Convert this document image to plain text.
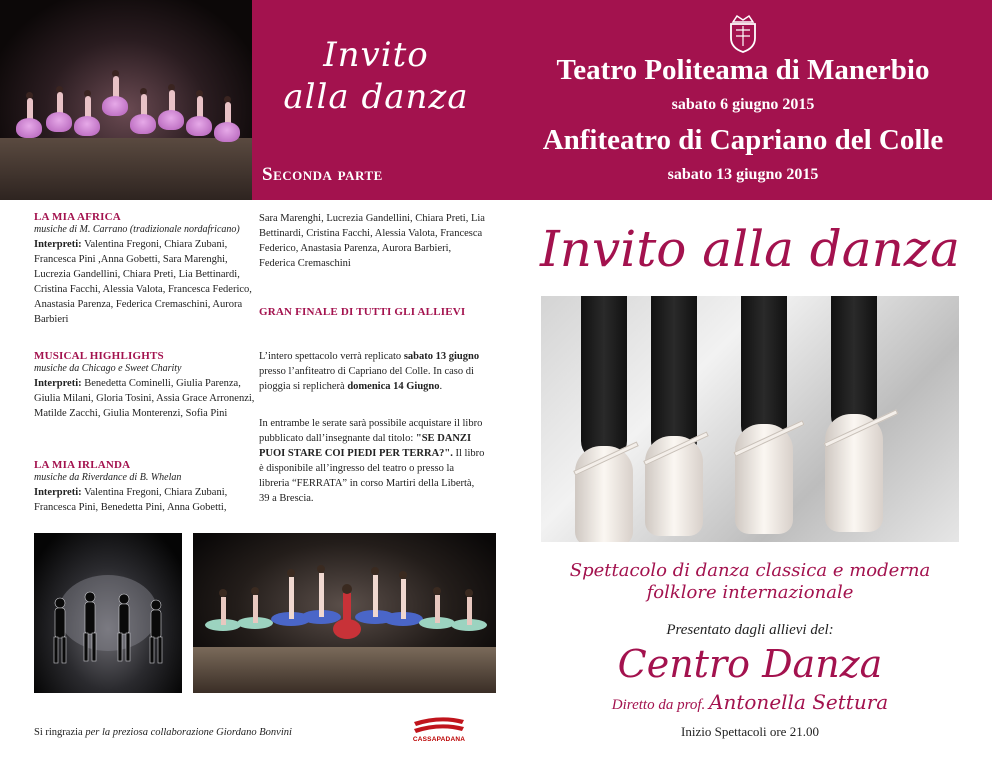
Invito
alla danza
Seconda parte
Teatro Politeama di Manerbio
sabato 6 giugno 2015
Anfiteatro di Capriano del Colle
sabato 13 giugno 2015
LA MIA AFRICA
musiche di M. Carrano (tradizionale nordafricano)
Interpreti: Valentina Fregoni, Chiara Zubani, Francesca Pini ,Anna Gobetti, Sara Marenghi, Lucrezia Gandellini, Chiara Preti, Lia Bettinardi, Cristina Facchi, Alessia Valota, Francesca Federico, Anastasia Parenza, Federica Cremaschini, Aurora Barbieri
MUSICAL HIGHLIGHTS
musiche da Chicago e Sweet Charity
Interpreti: Benedetta Cominelli, Giulia Parenza, Giulia Milani, Gloria Tosini, Assia Grace Arronenzi, Matilde Zacchi, Giulia Monterenzi, Sofia Pini
LA MIA IRLANDA
musiche da Riverdance di B. Whelan
Interpreti: Valentina Fregoni, Chiara Zubani, Francesca Pini, Benedetta Pini, Anna Gobetti,
Sara Marenghi, Lucrezia Gandellini, Chiara Preti, Lia Bettinardi, Cristina Facchi, Alessia Valota, Francesca Federico, Anastasia Parenza, Aurora Barbieri, Federica Cremaschini
GRAN FINALE DI TUTTI GLI ALLIEVI
L’intero spettacolo verrà replicato sabato 13 giugno presso l’anfiteatro di Capriano del Colle. In caso di pioggia si replicherà domenica 14 Giugno.
In entrambe le serate sarà possibile acquistare il libro pubblicato dall’insegnante dal titolo: "SE DANZI PUOI STARE COI PIEDI PER TERRA?". Il libro è disponibile all’ingresso del teatro o presso la libreria “FERRATA” in corso Martiri della Libertà, 39 a Brescia.
Invito alla danza
Spettacolo di danza classica e moderna
folklore internazionale
Presentato dagli allievi del:
Centro Danza
Diretto da prof. Antonella Settura
Inizio Spettacoli ore 21.00
Si ringrazia per la preziosa collaborazione Giordano Bonvini
CASSAPADANA
